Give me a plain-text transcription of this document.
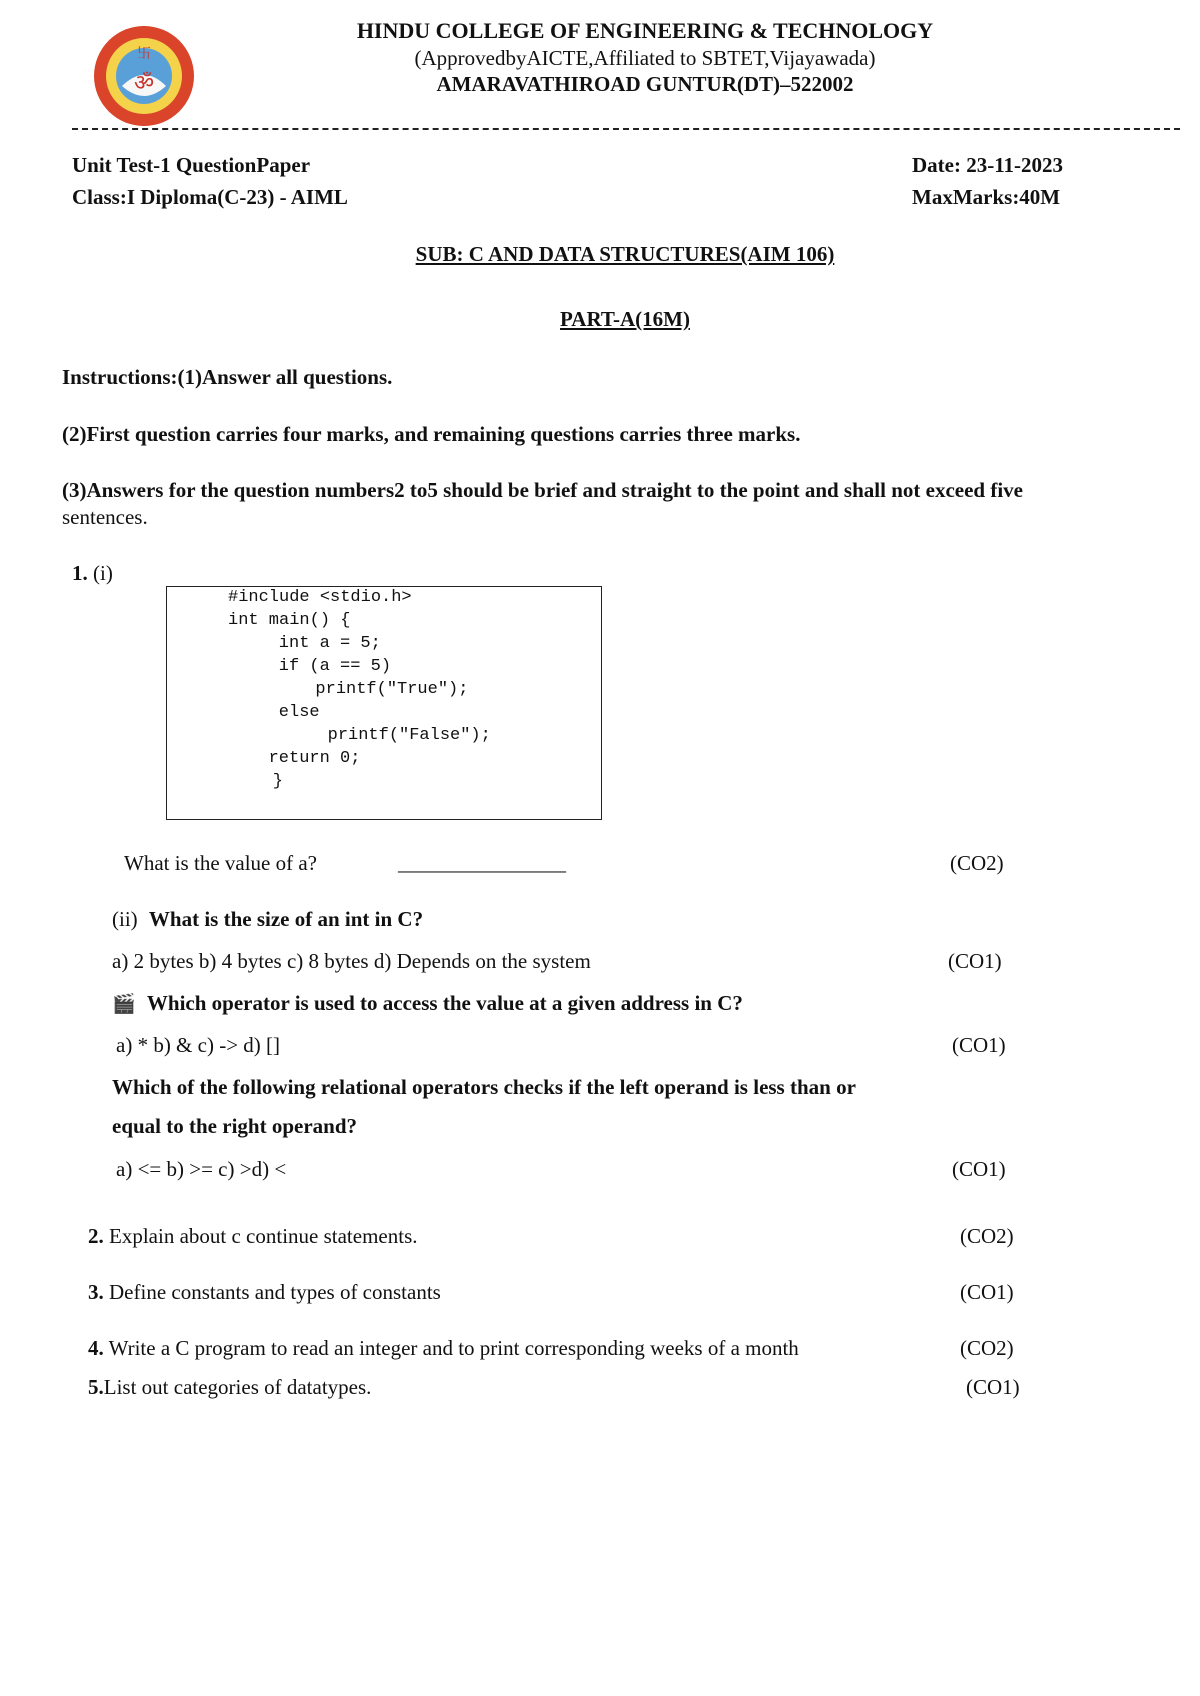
ॐ
卐
HINDU COLLEGE OF ENGINEERING & TECHNOLOGY
(ApprovedbyAICTE,Affiliated to SBTET,Vijayawada)
AMARAVATHIROAD GUNTUR(DT)–522002
Unit Test-1 QuestionPaper	Date: 23-11-2023
Class:I Diploma(C-23) - AIML	MaxMarks:40M
SUB: C AND DATA STRUCTURES(AIM 106)
PART-A(16M)
Instructions:(1)Answer all questions.
(2)First question carries four marks, and remaining questions carries three marks.
(3)Answers for the question numbers2 to5 should be brief and straight to the point and shall not exceed five
sentences.
1. (i)
#include <stdio.h>
int main() {
int a = 5;
if (a == 5)
printf("True");
else
printf("False");
return 0;
}
What is the value of a?	________________	(CO2)
(ii) What is the size of an int in C?
a) 2 bytes b) 4 bytes c) 8 bytes d) Depends on the system	(CO1)
🎬 Which operator is used to access the value at a given address in C?
a) * b) & c) -> d) []	(CO1)
Which of the following relational operators checks if the left operand is less than or
equal to the right operand?
a) <= b) >= c) >d) <	(CO1)
2. Explain about c continue statements.	(CO2)
3. Define constants and types of constants	(CO1)
4. Write a C program to read an integer and to print corresponding weeks of a month	(CO2)
5.List out categories of datatypes.	(CO1)
